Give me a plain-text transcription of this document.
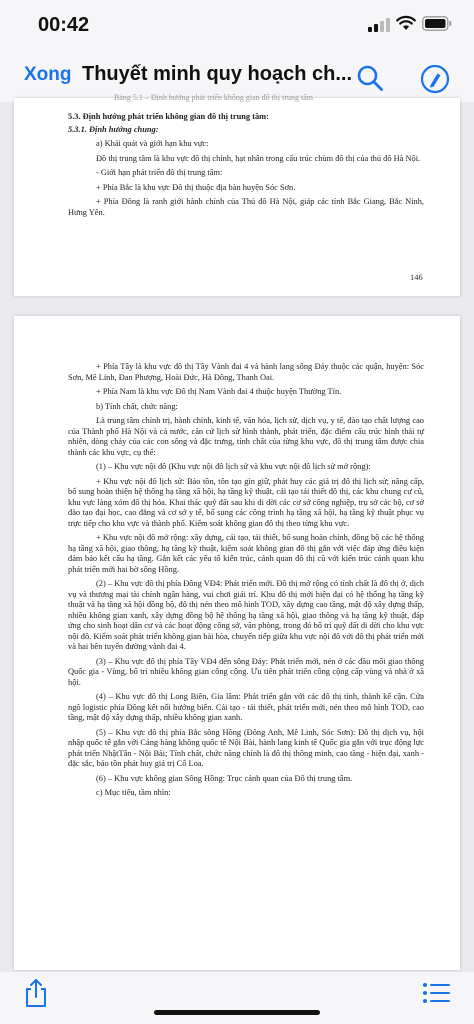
00:42
Xong Thuyết minh quy hoạch ch...
Bảng 5.1 – Định hướng phát triển không gian đô thị trung tâm

5.3. Định hướng phát triển không gian đô thị trung tâm:

5.3.1. Định hướng chung:

a) Khái quát và giới hạn khu vực:

Đô thị trung tâm là khu vực đô thị chính, hạt nhân trong cấu trúc chùm đô thị của thủ đô Hà Nội.

- Giới hạn phát triển đô thị trung tâm:

+ Phía Bắc là khu vực Đô thị thuộc địa bàn huyện Sóc Sơn.

+ Phía Đông là ranh giới hành chính của Thủ đô Hà Nội, giáp các tỉnh Bắc Giang, Bắc Ninh, Hưng Yên.

146

+ Phía Tây là khu vực đô thị Tây Vành đai 4 và hành lang sông Đáy thuộc các quận, huyện: Sóc Sơn, Mê Linh, Đan Phượng, Hoài Đức, Hà Đông, Thanh Oai.

+ Phía Nam là khu vực Đô thị Nam Vành đai 4 thuộc huyện Thường Tín.

b) Tính chất, chức năng:

Là trung tâm chính trị, hành chính, kinh tế, văn hóa, lịch sử, dịch vụ, y tế, đào tạo chất lượng cao của Thành phố Hà Nội và cả nước, căn cứ lịch sử hình thành, phát triển, đặc điểm cấu trúc hình thái tự nhiên, dòng chảy của các con sông và đặc trưng, tính chất của từng khu vực, đô thị trung tâm được chia thành các khu vực, cụ thể:

(1) – Khu vực nội đô (Khu vực nội đô lịch sử và khu vực nội đô lịch sử mở rộng):

+ Khu vực nội đô lịch sử: Bảo tồn, tôn tạo gìn giữ, phát huy các giá trị đô thị lịch sử; nâng cấp, bổ sung hoàn thiện hệ thống hạ tầng xã hội, hạ tầng kỹ thuật, cải tạo tái thiết đô thị, các khu chung cư cũ, khu vực làng xóm đô thị hóa. Khai thác quỹ đất sau khi di dời các cơ sở công nghiệp, trụ sở các bộ, cơ sở đào tạo đại học, cao đẳng và cơ sở y tế, bổ sung các công trình hạ tầng xã hội, hạ tầng kỹ thuật phục vụ trực tiếp cho khu vực và thành phố. Kiểm soát không gian đô thị theo từng khu vực.

+ Khu vực nội đô mở rộng: xây dựng, cải tạo, tái thiết, bổ sung hoàn chỉnh, đồng bộ các hệ thống hạ tầng xã hội, giao thông, hạ tầng kỹ thuật, kiểm soát không gian đô thị gắn với việc đáp ứng điều kiện đảm bảo kết cấu hạ tầng. Gắn kết các yếu tố kiến trúc, cảnh quan đô thị cũ với kiến trúc cảnh quan khu phát triển mới hai bờ sông Hồng.

(2) – Khu vực đô thị phía Đông VĐ4: Phát triển mới. Đô thị mở rộng có tính chất là đô thị ở, dịch vụ và thương mại tài chính ngân hàng, vui chơi giải trí. Khu đô thị mới hiện đại có hệ thống hạ tầng kỹ thuật và hạ tầng xã hội đồng bộ, đô thị nén theo mô hình TOD, xây dựng cao tầng, mật độ xây dựng thấp, nhiều không gian xanh, xây dựng đồng bộ hệ thống hạ tầng xã hội, giao thông và hạ tầng kỹ thuật, đáp ứng cho sinh hoạt dân cư và các hoạt động công sở, văn phòng, trong đó bố trí quỹ đất di dời cho khu vực nội đô. Kiểm soát phát triển không gian hài hòa, chuyển tiếp giữa khu vực nội đô với đô thị phát triển mới và hai bên tuyến đường vành đai 4.

(3) – Khu vực đô thị phía Tây VĐ4 đến sông Đáy: Phát triển mới, nén ở các đầu mối giao thông Quốc gia - Vùng, bố trí nhiều không gian công cộng. Ưu tiên phát triển công cộng cấp vùng và nhà ở xã hội.

(4) – Khu vực đô thị Long Biên, Gia lâm: Phát triển gắn với các đô thị tỉnh, thành kế cận. Cửa ngõ logistic phía Đông kết nối hướng biển. Cải tạo - tái thiết, phát triển mới, nén theo mô hình TOD, cao tầng, mật độ xây dựng thấp, nhiều không gian xanh.

(5) – Khu vực đô thị phía Bắc sông Hồng (Đông Anh, Mê Linh, Sóc Sơn): Đô thị dịch vụ, hội nhập quốc tế gắn với Cảng hàng không quốc tế Nội Bài, hành lang kinh tế Quốc gia gắn với trục động lực phát triển NhậtTân - Nội Bài; Tính chất, chức năng chính là đô thị thông minh, cao tầng - hiện đại, xanh - đặc sắc, bảo tồn phát huy giá trị Cổ Loa.

(6) – Khu vực không gian Sông Hồng: Trục cảnh quan của Đô thị trung tâm.

c) Mục tiêu, tầm nhìn:
